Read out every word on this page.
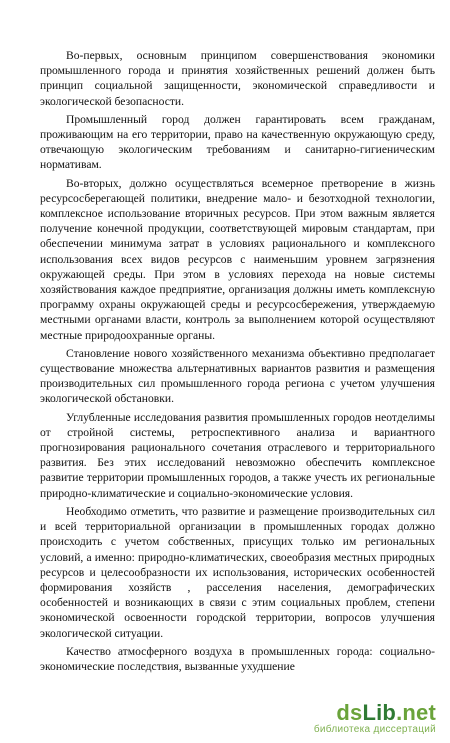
Во-первых, основным принципом совершенствования экономики промышленного города и принятия хозяйственных решений должен быть принцип социальной защищенности, экономической справедливости и экологической безопасности.

Промышленный город должен гарантировать всем гражданам, проживающим на его территории, право на качественную окружающую среду, отвечающую экологическим требованиям и санитарно-гигиеническим нормативам.

Во-вторых, должно осуществляться всемерное претворение в жизнь ресурсосберегающей политики, внедрение мало- и безотходной технологии, комплексное использование вторичных ресурсов. При этом важным является получение конечной продукции, соответствующей мировым стандартам, при обеспечении минимума затрат в условиях рационального и комплексного использования всех видов ресурсов с наименьшим уровнем загрязнения окружающей среды. При этом в условиях перехода на новые системы хозяйствования каждое предприятие, организация должны иметь комплексную программу охраны окружающей среды и ресурсосбережения, утверждаемую местными органами власти, контроль за выполнением которой осуществляют местные природоохранные органы.

Становление нового хозяйственного механизма объективно предполагает существование множества альтернативных вариантов развития и размещения производительных сил промышленного города региона с учетом улучшения экологической обстановки.

Углубленные исследования развития промышленных городов неотделимы от стройной системы, ретроспективного анализа и вариантного прогнозирования рационального сочетания отраслевого и территориального развития. Без этих исследований невозможно обеспечить комплексное развитие территории промышленных городов, а также учесть их региональные природно-климатические и социально-экономические условия.

Необходимо отметить, что развитие и размещение производительных сил и всей территориальной организации в промышленных городах должно происходить с учетом собственных, присущих только им региональных условий, а именно: природно-климатических, своеобразия местных природных ресурсов и целесообразности их использования, исторических особенностей формирования хозяйств , расселения населения, демографических особенностей и возникающих в связи с этим социальных проблем, степени экономической освоенности городской территории, вопросов улучшения экологической ситуации.

Качество атмосферного воздуха в промышленных города: социально-экономические последствия, вызванные ухудшение

dsLib.net
библиотека диссертаций
